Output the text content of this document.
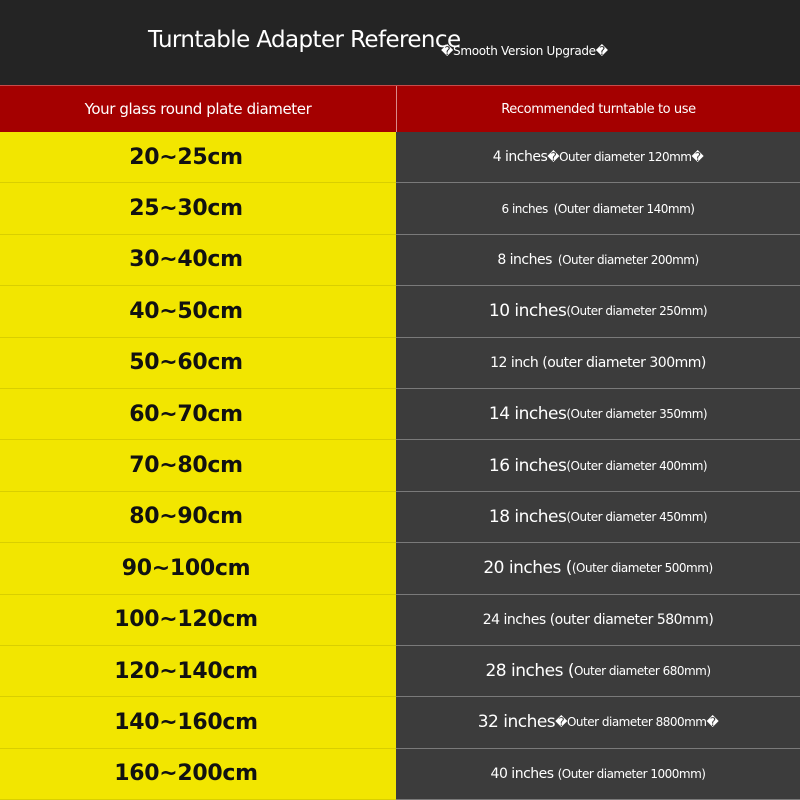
Turntable Adapter Reference
�Smooth Version Upgrade�
Your glass round plate diameter	Recommended turntable to use
20~25cm	4 inches �Outer diameter 120mm�
25~30cm	6 inches (Outer diameter 140mm)
30~40cm	8 inches (Outer diameter 200mm)
40~50cm	10 inches (Outer diameter 250mm)
50~60cm	12 inch (outer diameter 300mm)
60~70cm	14 inches (Outer diameter 350mm)
70~80cm	16 inches (Outer diameter 400mm)
80~90cm	18 inches (Outer diameter 450mm)
90~100cm	20 inches ( (Outer diameter 500mm)
100~120cm	24 inches (outer diameter 580mm)
120~140cm	28 inches ( Outer diameter 680mm)
140~160cm	32 inches �Outer diameter 8800mm�
160~200cm	40 inches (Outer diameter 1000mm)
